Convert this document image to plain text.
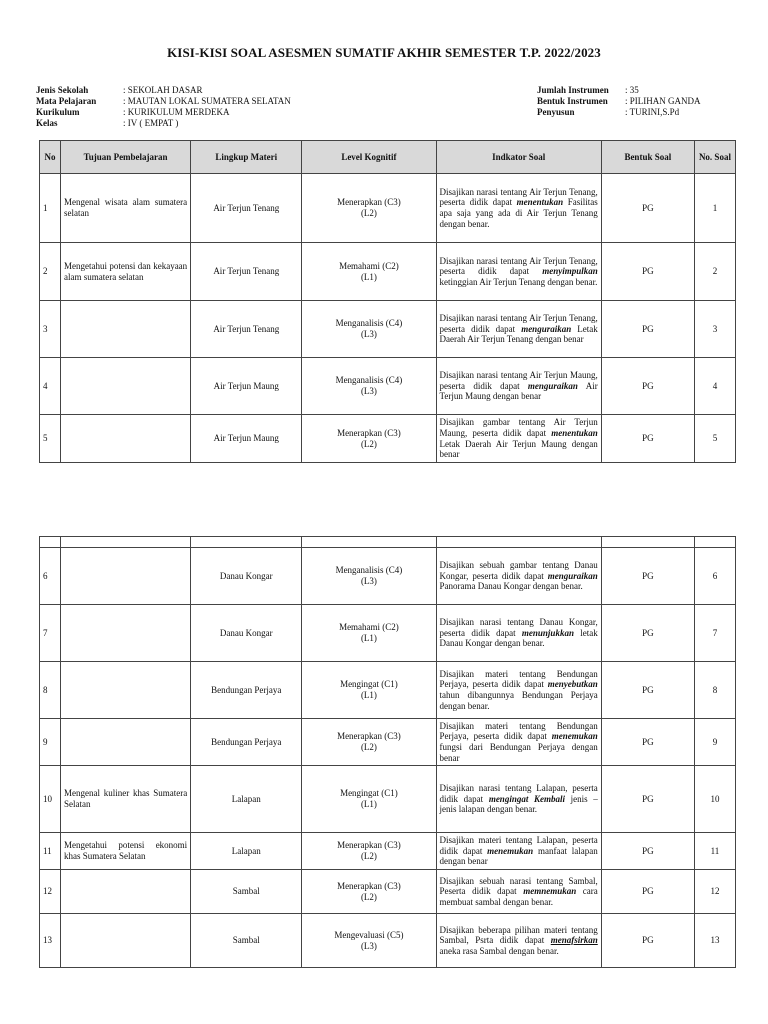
KISI-KISI SOAL ASESMEN SUMATIF AKHIR SEMESTER T.P. 2022/2023
Jenis Sekolah	: SEKOLAH DASAR
Mata Pelajaran	: MAUTAN LOKAL SUMATERA SELATAN
Kurikulum	: KURIKULUM MERDEKA
Kelas	: IV ( EMPAT )
Jumlah Instrumen	: 35
Bentuk Instrumen	: PILIHAN GANDA
Penyusun	: TURINI,S.Pd
No	Tujuan Pembelajaran	Lingkup Materi	Level Kognitif	Indkator Soal	Bentuk Soal	No. Soal
1	Mengenal wisata alam sumatera selatan	Air Terjun Tenang	Menerapkan (C3)
(L2)	Disajikan narasi tentang Air Terjun Tenang, peserta didik dapat menentukan Fasilitas apa saja yang ada di Air Terjun Tenang dengan benar.	PG	1
2	Mengetahui potensi dan kekayaan alam sumatera selatan	Air Terjun Tenang	Memahami (C2)
(L1)	Disajikan narasi tentang Air Terjun Tenang, peserta didik dapat menyimpulkan ketinggian Air Terjun Tenang dengan benar.	PG	2
3		Air Terjun Tenang	Menganalisis (C4)
(L3)	Disajikan narasi tentang Air Terjun Tenang, peserta didik dapat menguraikan Letak Daerah Air Terjun Tenang dengan benar	PG	3
4		Air Terjun Maung	Menganalisis (C4)
(L3)	Disajikan narasi tentang Air Terjun Maung, peserta didik dapat menguraikan Air Terjun Maung dengan benar	PG	4
5		Air Terjun Maung	Menerapkan (C3)
(L2)	Disajikan gambar tentang Air Terjun Maung, peserta didik dapat menentukan Letak Daerah Air Terjun Maung dengan benar	PG	5

6		Danau Kongar	Menganalisis (C4)
(L3)	Disajikan sebuah gambar tentang Danau Kongar, peserta didik dapat menguraikan Panorama Danau Kongar dengan benar.	PG	6
7		Danau Kongar	Memahami (C2)
(L1)	Disajikan narasi tentang Danau Kongar, peserta didik dapat menunjukkan letak Danau Kongar dengan benar.	PG	7
8		Bendungan Perjaya	Mengingat (C1)
(L1)	Disajikan materi tentang Bendungan Perjaya, peserta didik dapat menyebutkan tahun dibangunnya Bendungan Perjaya dengan benar.	PG	8
9		Bendungan Perjaya	Menerapkan (C3)
(L2)	Disajikan materi tentang Bendungan Perjaya, peserta didik dapat menemukan fungsi dari Bendungan Perjaya dengan benar	PG	9
10	Mengenal kuliner khas Sumatera Selatan	Lalapan	Mengingat (C1)
(L1)	Disajikan narasi tentang Lalapan, peserta didik dapat mengingat Kembali jenis – jenis lalapan dengan benar.	PG	10
11	Mengetahui potensi ekonomi khas Sumatera Selatan	Lalapan	Menerapkan (C3)
(L2)	Disajikan materi tentang Lalapan, peserta didik dapat menemukan manfaat lalapan dengan benar	PG	11
12		Sambal	Menerapkan (C3)
(L2)	Disajikan sebuah narasi tentang Sambal, Peserta didik dapat memnemukan cara membuat sambal dengan benar.	PG	12
13		Sambal	Mengevaluasi (C5)
(L3)	Disajikan beberapa pilihan materi tentang Sambal, Psrta didik dapat menafsirkan aneka rasa Sambal dengan benar.	PG	13
